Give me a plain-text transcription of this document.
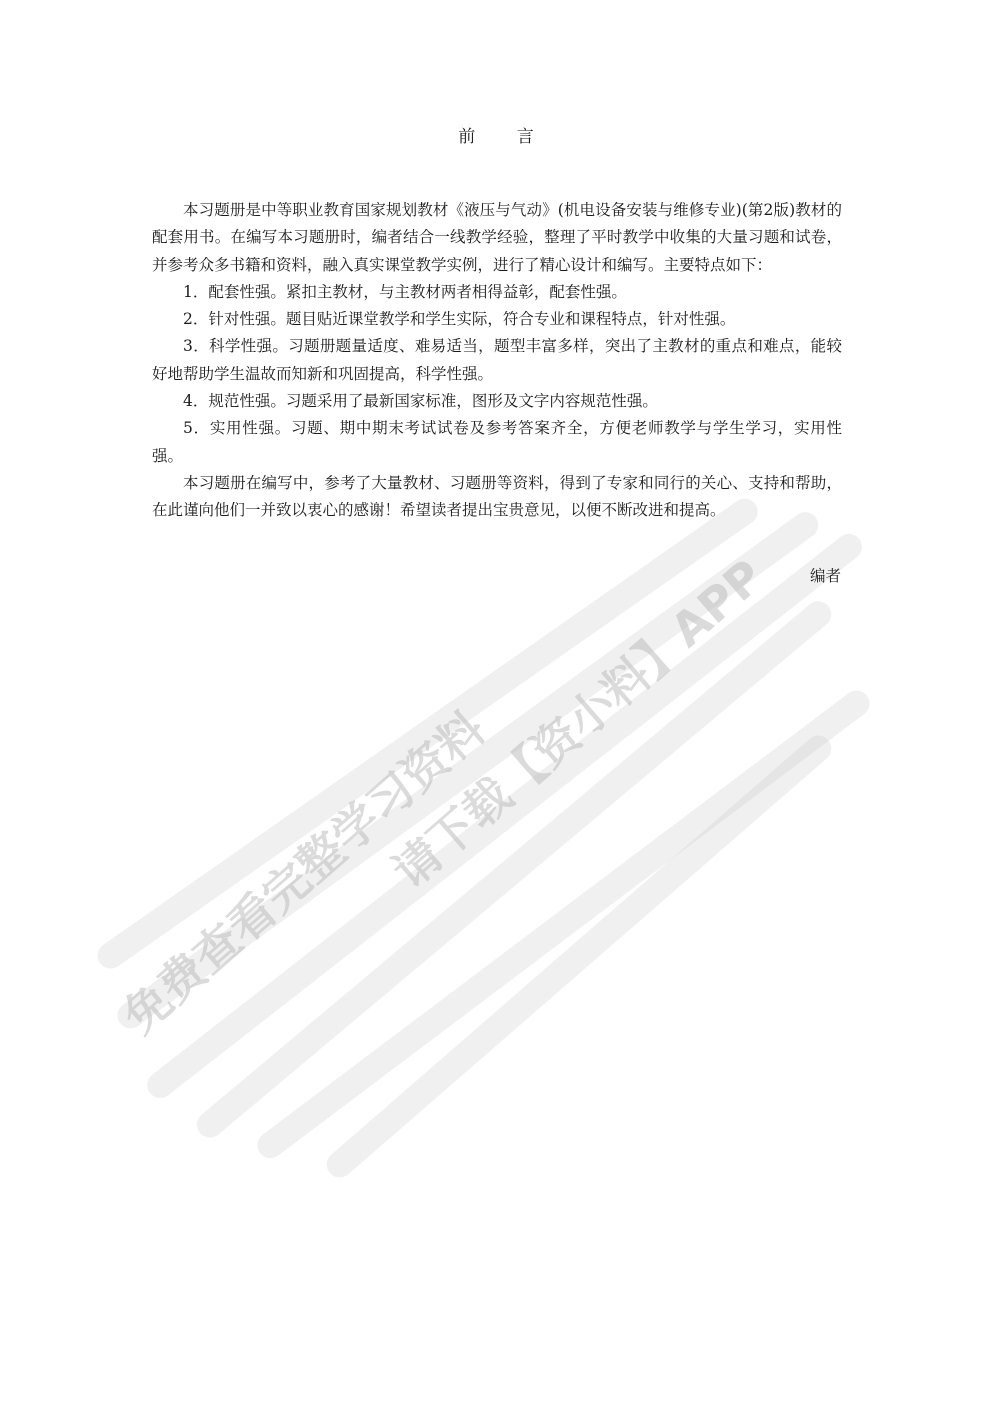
免费查看完整学习资料
请下载【资小料】APP
前 言

本习题册是中等职业教育国家规划教材《液压与气动》(机电设备安装与维修专业)(第2版)教材的配套用书。在编写本习题册时，编者结合一线教学经验，整理了平时教学中收集的大量习题和试卷，并参考众多书籍和资料，融入真实课堂教学实例，进行了精心设计和编写。主要特点如下：

1．配套性强。紧扣主教材，与主教材两者相得益彰，配套性强。

2．针对性强。题目贴近课堂教学和学生实际，符合专业和课程特点，针对性强。

3．科学性强。习题册题量适度、难易适当，题型丰富多样，突出了主教材的重点和难点，能较好地帮助学生温故而知新和巩固提高，科学性强。

4．规范性强。习题采用了最新国家标准，图形及文字内容规范性强。

5．实用性强。习题、期中期末考试试卷及参考答案齐全，方便老师教学与学生学习，实用性强。

本习题册在编写中，参考了大量教材、习题册等资料，得到了专家和同行的关心、支持和帮助，在此谨向他们一并致以衷心的感谢！希望读者提出宝贵意见，以便不断改进和提高。

编者
